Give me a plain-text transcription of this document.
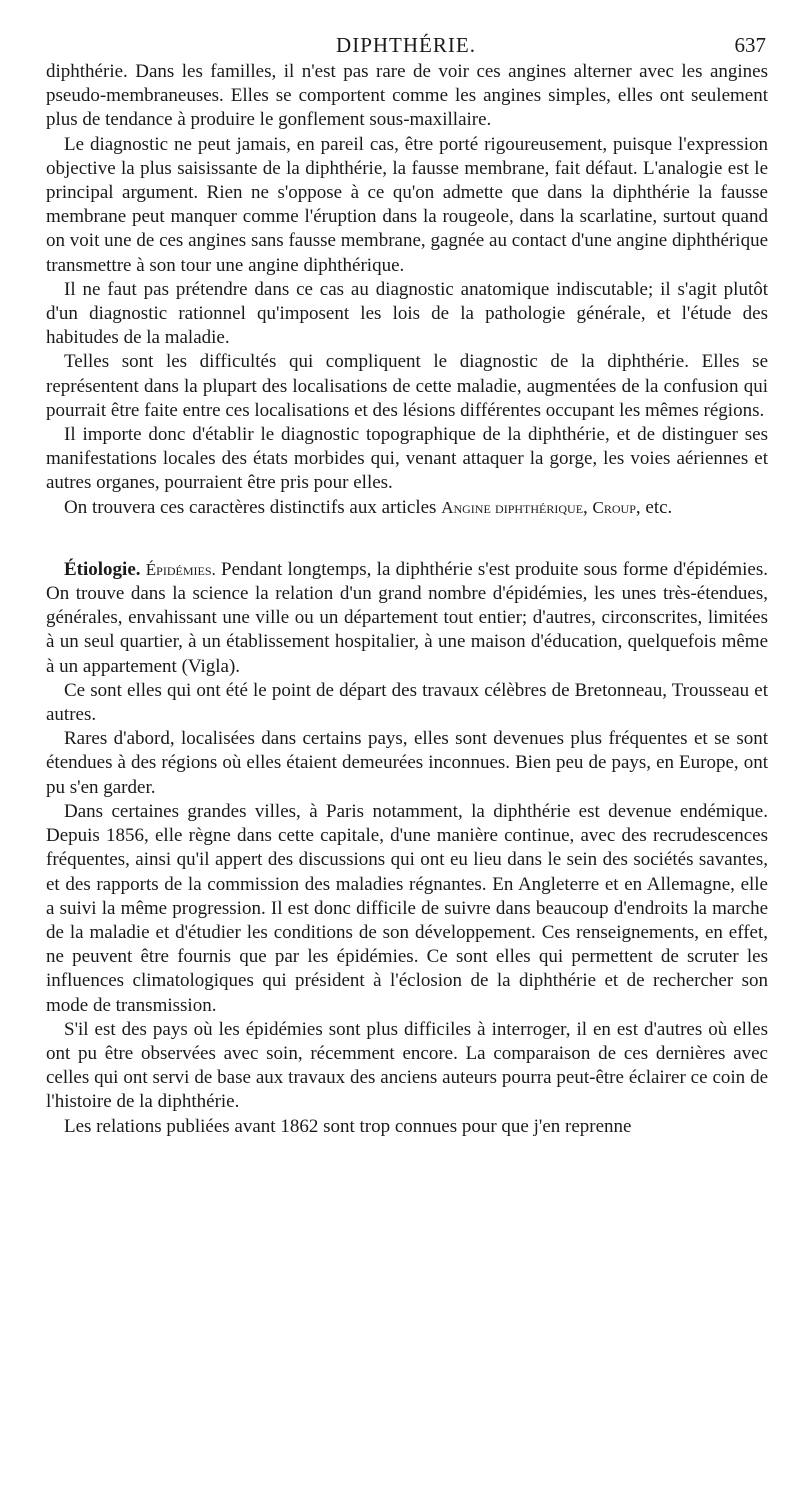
DIPHTHÉRIE.	637

diphthérie. Dans les familles, il n'est pas rare de voir ces angines alterner avec les angines pseudo-membraneuses. Elles se comportent comme les angines simples, elles ont seulement plus de tendance à produire le gonflement sous-maxillaire.

Le diagnostic ne peut jamais, en pareil cas, être porté rigoureusement, puisque l'expression objective la plus saisissante de la diphthérie, la fausse membrane, fait défaut. L'analogie est le principal argument. Rien ne s'oppose à ce qu'on admette que dans la diphthérie la fausse membrane peut manquer comme l'éruption dans la rougeole, dans la scarlatine, surtout quand on voit une de ces angines sans fausse membrane, gagnée au contact d'une angine diphthérique transmettre à son tour une angine diphthérique.

Il ne faut pas prétendre dans ce cas au diagnostic anatomique indiscutable; il s'agit plutôt d'un diagnostic rationnel qu'imposent les lois de la pathologie générale, et l'étude des habitudes de la maladie.

Telles sont les difficultés qui compliquent le diagnostic de la diphthérie. Elles se représentent dans la plupart des localisations de cette maladie, augmentées de la confusion qui pourrait être faite entre ces localisations et des lésions différentes occupant les mêmes régions.

Il importe donc d'établir le diagnostic topographique de la diphthérie, et de distinguer ses manifestations locales des états morbides qui, venant attaquer la gorge, les voies aériennes et autres organes, pourraient être pris pour elles.

On trouvera ces caractères distinctifs aux articles Angine diphthérique, Croup, etc.

Étiologie. Épidémies. Pendant longtemps, la diphthérie s'est produite sous forme d'épidémies. On trouve dans la science la relation d'un grand nombre d'épidémies, les unes très-étendues, générales, envahissant une ville ou un département tout entier; d'autres, circonscrites, limitées à un seul quartier, à un établissement hospitalier, à une maison d'éducation, quelquefois même à un appartement (Vigla).

Ce sont elles qui ont été le point de départ des travaux célèbres de Bretonneau, Trousseau et autres.

Rares d'abord, localisées dans certains pays, elles sont devenues plus fréquentes et se sont étendues à des régions où elles étaient demeurées inconnues. Bien peu de pays, en Europe, ont pu s'en garder.

Dans certaines grandes villes, à Paris notamment, la diphthérie est devenue endémique. Depuis 1856, elle règne dans cette capitale, d'une manière continue, avec des recrudescences fréquentes, ainsi qu'il appert des discussions qui ont eu lieu dans le sein des sociétés savantes, et des rapports de la commission des maladies régnantes. En Angleterre et en Allemagne, elle a suivi la même progression. Il est donc difficile de suivre dans beaucoup d'endroits la marche de la maladie et d'étudier les conditions de son développement. Ces renseignements, en effet, ne peuvent être fournis que par les épidémies. Ce sont elles qui permettent de scruter les influences climatologiques qui président à l'éclosion de la diphthérie et de rechercher son mode de transmission.

S'il est des pays où les épidémies sont plus difficiles à interroger, il en est d'autres où elles ont pu être observées avec soin, récemment encore. La comparaison de ces dernières avec celles qui ont servi de base aux travaux des anciens auteurs pourra peut-être éclairer ce coin de l'histoire de la diphthérie.

Les relations publiées avant 1862 sont trop connues pour que j'en reprenne
